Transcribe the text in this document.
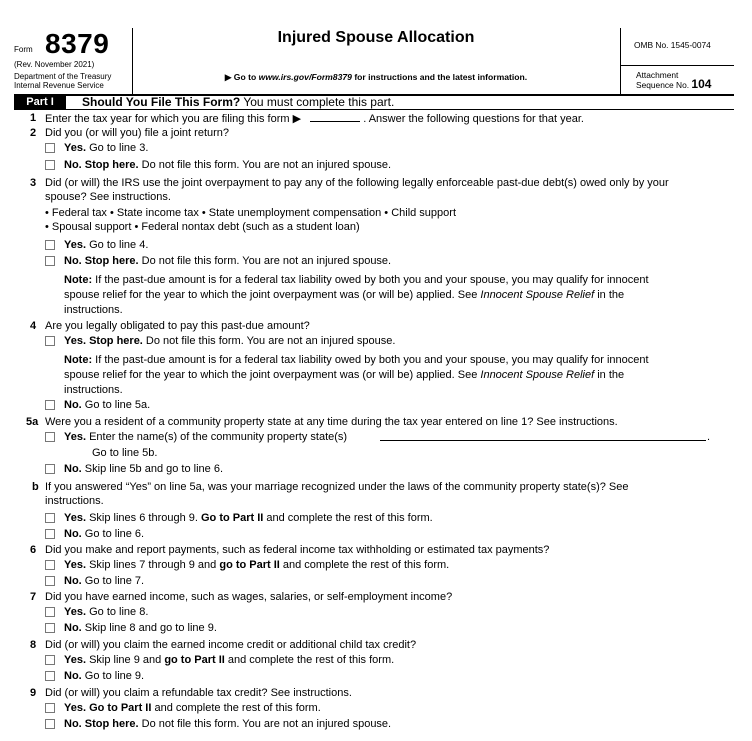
Form 8379
(Rev. November 2021)
Department of the Treasury
Internal Revenue Service
Injured Spouse Allocation
▶ Go to www.irs.gov/Form8379 for instructions and the latest information.
OMB No. 1545-0074
Attachment
Sequence No. 104
Part I	Should You File This Form? You must complete this part.
1 Enter the tax year for which you are filing this form ▶	. Answer the following questions for that year.
2 Did you (or will you) file a joint return?
Yes. Go to line 3.
No. Stop here. Do not file this form. You are not an injured spouse.
3 Did (or will) the IRS use the joint overpayment to pay any of the following legally enforceable past-due debt(s) owed only by your
spouse? See instructions.
• Federal tax • State income tax • State unemployment compensation • Child support
• Spousal support • Federal nontax debt (such as a student loan)
Yes. Go to line 4.
No. Stop here. Do not file this form. You are not an injured spouse.
Note: If the past-due amount is for a federal tax liability owed by both you and your spouse, you may qualify for innocent
spouse relief for the year to which the joint overpayment was (or will be) applied. See Innocent Spouse Relief in the
instructions.
4 Are you legally obligated to pay this past-due amount?
Yes. Stop here. Do not file this form. You are not an injured spouse.
Note: If the past-due amount is for a federal tax liability owed by both you and your spouse, you may qualify for innocent
spouse relief for the year to which the joint overpayment was (or will be) applied. See Innocent Spouse Relief in the
instructions.
No. Go to line 5a.
5a Were you a resident of a community property state at any time during the tax year entered on line 1? See instructions.
Yes. Enter the name(s) of the community property state(s)	.
Go to line 5b.
No. Skip line 5b and go to line 6.
b If you answered “Yes” on line 5a, was your marriage recognized under the laws of the community property state(s)? See
instructions.
Yes. Skip lines 6 through 9. Go to Part II and complete the rest of this form.
No. Go to line 6.
6 Did you make and report payments, such as federal income tax withholding or estimated tax payments?
Yes. Skip lines 7 through 9 and go to Part II and complete the rest of this form.
No. Go to line 7.
7 Did you have earned income, such as wages, salaries, or self-employment income?
Yes. Go to line 8.
No. Skip line 8 and go to line 9.
8 Did (or will) you claim the earned income credit or additional child tax credit?
Yes. Skip line 9 and go to Part II and complete the rest of this form.
No. Go to line 9.
9 Did (or will) you claim a refundable tax credit? See instructions.
Yes. Go to Part II and complete the rest of this form.
No. Stop here. Do not file this form. You are not an injured spouse.
